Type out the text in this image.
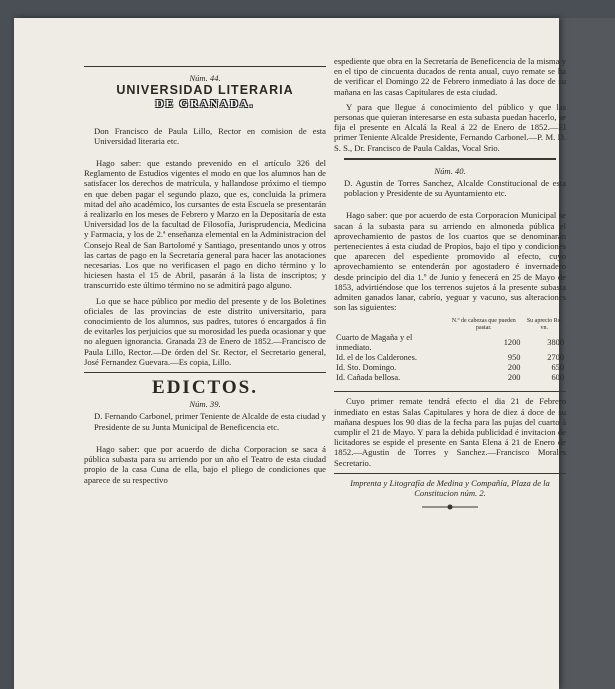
Núm. 44.
UNIVERSIDAD LITERARIA
DE GRANADA.

Don Francisco de Paula Lillo, Rector en comision de esta Universidad literaria etc.

Hago saber: que estando prevenido en el artículo 326 del Reglamento de Estudios vigentes el modo en que los alumnos han de satisfacer los derechos de matrícula, y hallandose próximo el tiempo en que deben pagar el segundo plazo, que es, concluida la primera mitad del año académico, los cursantes de esta Escuela se presentarán á realizarlo en los meses de Febrero y Marzo en la Depositaría de esta Universidad los de la facultad de Filosofía, Jurisprudencia, Medicina y Farmacia, y los de 2.ª enseñanza elemental en la Administracion del Consejo Real de San Bartolomé y Santiago, presentando unos y otros las cartas de pago en la Secretaría general para hacer las anotaciones necesarias. Los que no verificasen el pago en dicho término y lo hiciesen hasta el 15 de Abril, pasarán á la lista de inscriptos; y transcurrido este último término no se admitirá pago alguno.

Lo que se hace público por medio del presente y de los Boletines oficiales de las provincias de este distrito universitario, para conocimiento de los alumnos, sus padres, tutores ó encargados á fin de evitarles los perjuicios que su morosidad les pueda ocasionar y que no aleguen ignorancia. Granada 23 de Enero de 1852.—Francisco de Paula Lillo, Rector.—De órden del Sr. Rector, el Secretario general, José Fernandez Guevara.—Es copia, Lillo.

EDICTOS.
Núm. 39.

D. Fernando Carbonel, primer Teniente de Alcalde de esta ciudad y Presidente de su Junta Municipal de Beneficencia etc.

Hago saber: que por acuerdo de dicha Corporacion se saca á pública subasta para su arriendo por un año el Teatro de esta ciudad propio de la casa Cuna de ella, bajo el pliego de condiciones que aparece de su respectivo

espediente que obra en la Secretaría de Beneficencia de la misma y en el tipo de cincuenta ducados de renta anual, cuyo remate se ha de verificar el Domingo 22 de Febrero inmediato á las doce de su mañana en las casas Capitulares de esta ciudad.

Y para que llegue á conocimiento del público y que las personas que quieran interesarse en esta subasta puedan hacerlo, se fija el presente en Alcalá la Real á 22 de Enero de 1852.—El primer Teniente Alcalde Presidente, Fernando Carbonel.—P. M. D. S. S., Dr. Francisco de Paula Caldas, Vocal Srio.

Núm. 40.

D. Agustin de Torres Sanchez, Alcalde Constitucional de esta poblacion y Presidente de su Ayuntamiento etc.

Hago saber: que por acuerdo de esta Corporacion Municipal se sacan á la subasta para su arriendo en almoneda pública el aprovechamiento de pastos de los cuartos que se denominarán pertenecientes á esta ciudad de Propios, bajo el tipo y condiciones que aparecen del espediente promovido al efecto, cuyo aprovechamiento se entenderán por agostadero é invernadero desde principio del dia 1.º de Junio y fenecerá en 25 de Mayo de 1853, advirtiéndose que los terrenos sujetos á la presente subasta admiten ganados lanar, cabrío, yeguar y vacuno, sus alteraciones son las siguientes:

	N.º de cabezas que pueden pastar.	Su aprecio Rs. vn.
Cuarto de Magaña y el inmediato.	1200	3800
Id. el de los Calderones.	950	2700
Id. Sto. Domingo.	200	650
Id. Cañada bellosa.	200	600

Cuyo primer remate tendrá efecto el dia 21 de Febrero inmediato en estas Salas Capitulares y hora de diez á doce de su mañana despues los 90 dias de la fecha para las pujas del cuarto á cumplir el 21 de Mayo. Y para la debida publicidad é invitacion de licitadores se espide el presente en Santa Elena á 21 de Enero de 1852.—Agustin de Torres y Sanchez.—Francisco Morales Secretario.

Imprenta y Litografía de Medina y Compañía, Plaza de la Constitucion núm. 2.
